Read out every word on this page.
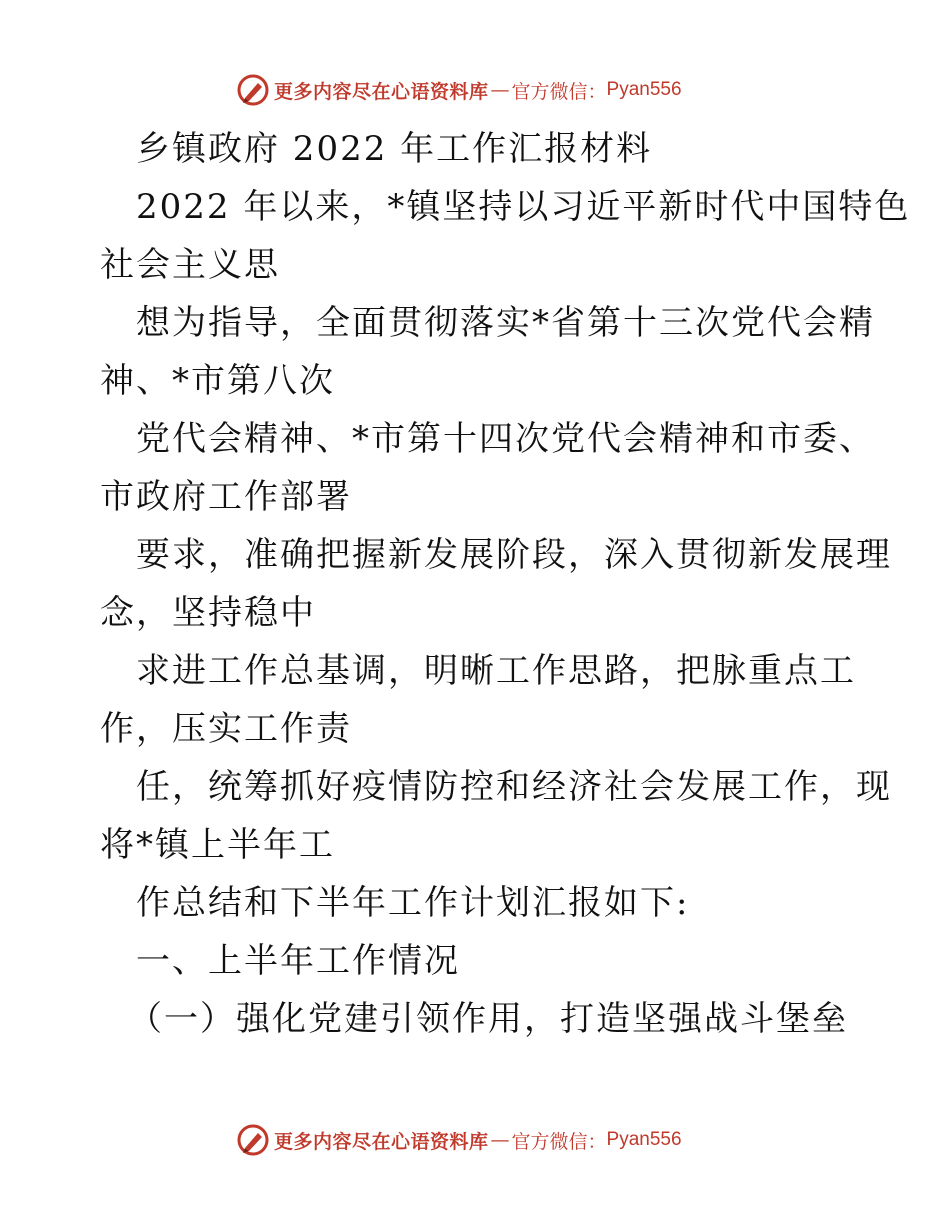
更多内容尽在心语资料库 — 官方微信： Pyan556
乡镇政府 2022 年工作汇报材料
2022 年以来，*镇坚持以习近平新时代中国特色
社会主义思
想为指导，全面贯彻落实*省第十三次党代会精
神、*市第八次
党代会精神、*市第十四次党代会精神和市委、
市政府工作部署
要求，准确把握新发展阶段，深入贯彻新发展理
念，坚持稳中
求进工作总基调，明晰工作思路，把脉重点工
作，压实工作责
任，统筹抓好疫情防控和经济社会发展工作，现
将*镇上半年工
作总结和下半年工作计划汇报如下:
一、上半年工作情况
（一）强化党建引领作用，打造坚强战斗堡垒
更多内容尽在心语资料库 — 官方微信： Pyan556
